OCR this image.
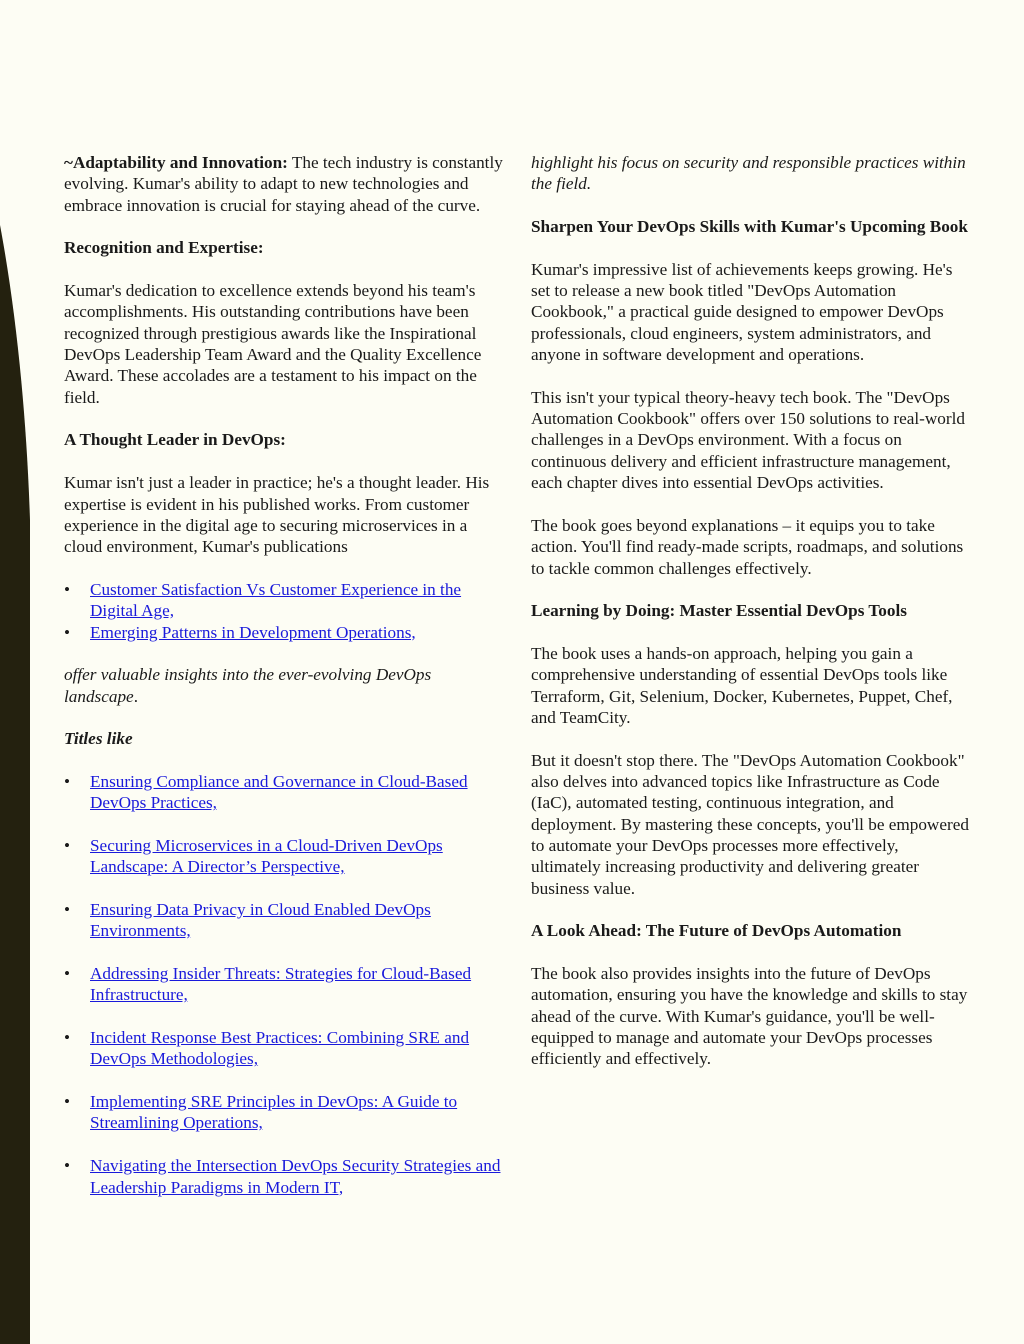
~Adaptability and Innovation: The tech industry is constantly evolving. Kumar's ability to adapt to new technologies and embrace innovation is crucial for staying ahead of the curve.

Recognition and Expertise:

Kumar's dedication to excellence extends beyond his team's accomplishments. His outstanding contributions have been recognized through prestigious awards like the Inspirational DevOps Leadership Team Award and the Quality Excellence Award. These accolades are a testament to his impact on the field.

A Thought Leader in DevOps:

Kumar isn't just a leader in practice; he's a thought leader. His expertise is evident in his published works. From customer experience in the digital age to securing microservices in a cloud environment, Kumar's publications

• Customer Satisfaction Vs Customer Experience in the Digital Age,
• Emerging Patterns in Development Operations,

offer valuable insights into the ever-evolving DevOps landscape.

Titles like

• Ensuring Compliance and Governance in Cloud-Based DevOps Practices,
• Securing Microservices in a Cloud-Driven DevOps Landscape: A Director’s Perspective,
• Ensuring Data Privacy in Cloud Enabled DevOps Environments,
• Addressing Insider Threats: Strategies for Cloud-Based Infrastructure,
• Incident Response Best Practices: Combining SRE and DevOps Methodologies,
• Implementing SRE Principles in DevOps: A Guide to Streamlining Operations,
• Navigating the Intersection DevOps Security Strategies and Leadership Paradigms in Modern IT,

highlight his focus on security and responsible practices within the field.

Sharpen Your DevOps Skills with Kumar's Upcoming Book

Kumar's impressive list of achievements keeps growing. He's set to release a new book titled "DevOps Automation Cookbook," a practical guide designed to empower DevOps professionals, cloud engineers, system administrators, and anyone in software development and operations.

This isn't your typical theory-heavy tech book. The "DevOps Automation Cookbook" offers over 150 solutions to real-world challenges in a DevOps environment. With a focus on continuous delivery and efficient infrastructure management, each chapter dives into essential DevOps activities.

The book goes beyond explanations – it equips you to take action. You'll find ready-made scripts, roadmaps, and solutions to tackle common challenges effectively.

Learning by Doing: Master Essential DevOps Tools

The book uses a hands-on approach, helping you gain a comprehensive understanding of essential DevOps tools like Terraform, Git, Selenium, Docker, Kubernetes, Puppet, Chef, and TeamCity.

But it doesn't stop there. The "DevOps Automation Cookbook" also delves into advanced topics like Infrastructure as Code (IaC), automated testing, continuous integration, and deployment. By mastering these concepts, you'll be empowered to automate your DevOps processes more effectively, ultimately increasing productivity and delivering greater business value.

A Look Ahead: The Future of DevOps Automation

The book also provides insights into the future of DevOps automation, ensuring you have the knowledge and skills to stay ahead of the curve. With Kumar's guidance, you'll be well-equipped to manage and automate your DevOps processes efficiently and effectively.
